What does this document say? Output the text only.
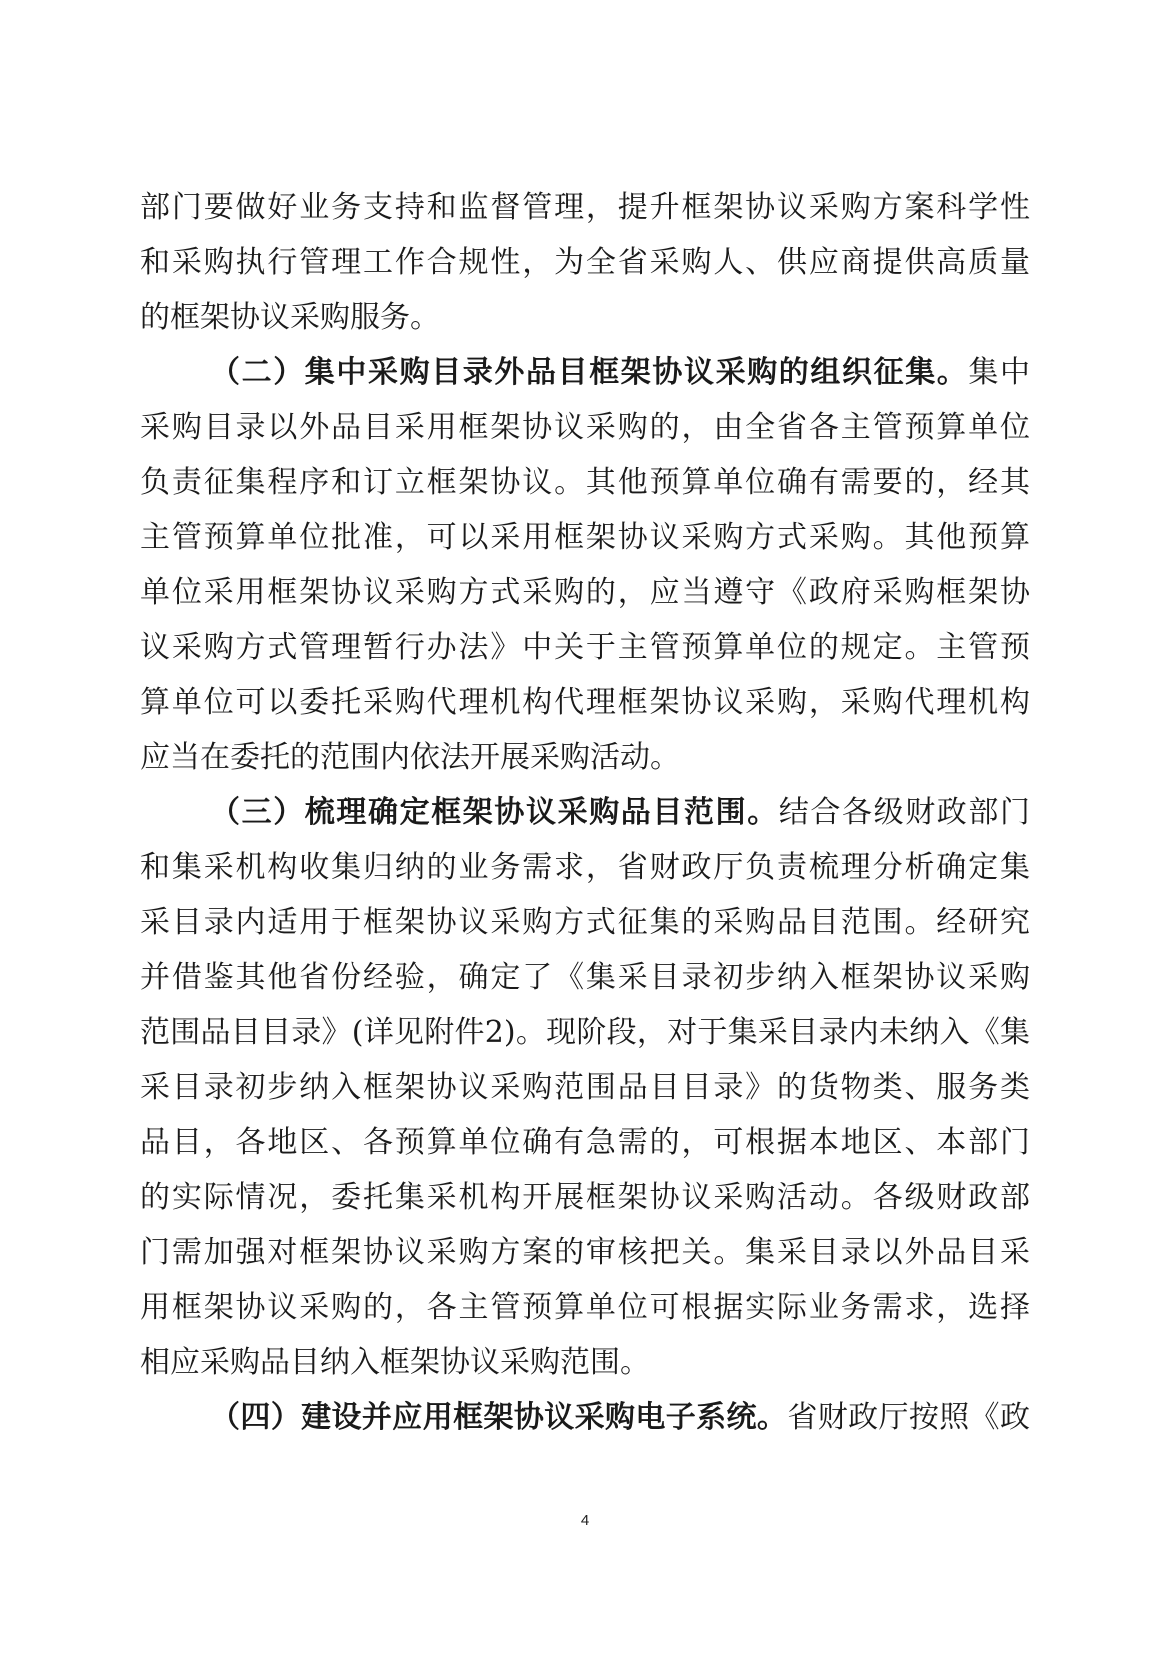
部门要做好业务支持和监督管理，提升框架协议采购方案科学性
和采购执行管理工作合规性，为全省采购人、供应商提供高质量
的框架协议采购服务。
（二）集中采购目录外品目框架协议采购的组织征集。集中
采购目录以外品目采用框架协议采购的，由全省各主管预算单位
负责征集程序和订立框架协议。其他预算单位确有需要的，经其
主管预算单位批准，可以采用框架协议采购方式采购。其他预算
单位采用框架协议采购方式采购的，应当遵守《政府采购框架协
议采购方式管理暂行办法》中关于主管预算单位的规定。主管预
算单位可以委托采购代理机构代理框架协议采购，采购代理机构
应当在委托的范围内依法开展采购活动。
（三）梳理确定框架协议采购品目范围。结合各级财政部门
和集采机构收集归纳的业务需求，省财政厅负责梳理分析确定集
采目录内适用于框架协议采购方式征集的采购品目范围。经研究
并借鉴其他省份经验，确定了《集采目录初步纳入框架协议采购
范围品目目录》(详见附件2)。现阶段，对于集采目录内未纳入《集
采目录初步纳入框架协议采购范围品目目录》的货物类、服务类
品目，各地区、各预算单位确有急需的，可根据本地区、本部门
的实际情况，委托集采机构开展框架协议采购活动。各级财政部
门需加强对框架协议采购方案的审核把关。集采目录以外品目采
用框架协议采购的，各主管预算单位可根据实际业务需求，选择
相应采购品目纳入框架协议采购范围。
（四）建设并应用框架协议采购电子系统。省财政厅按照《政
4
